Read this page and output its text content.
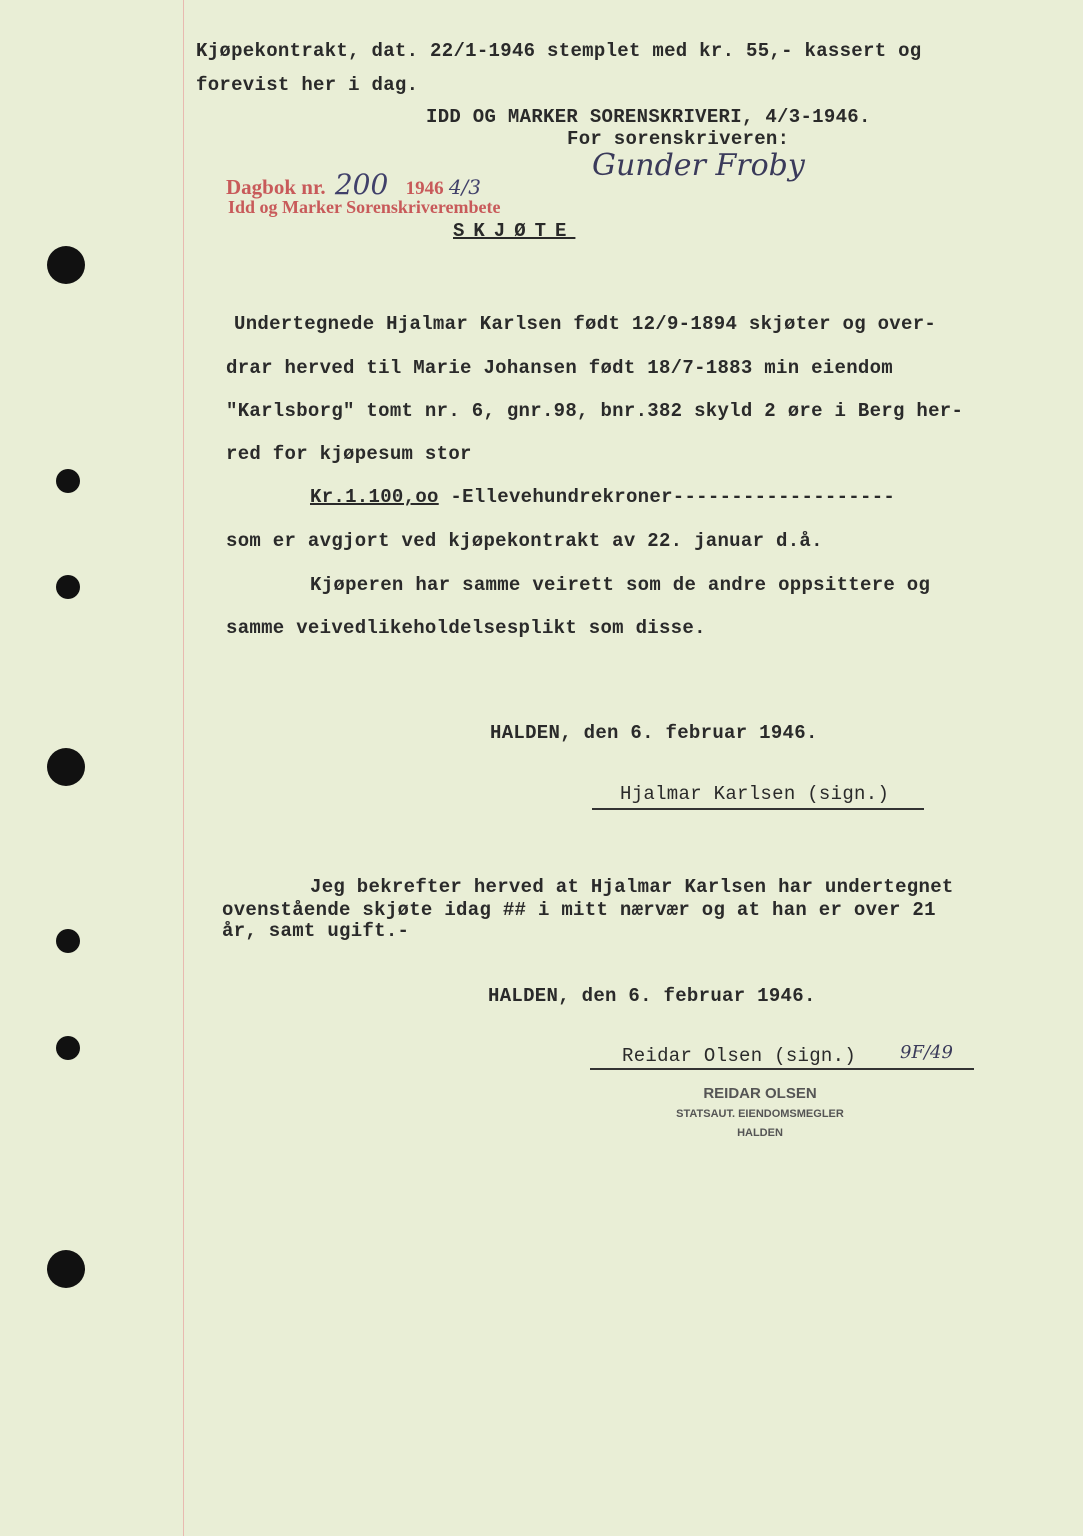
Kjøpekontrakt, dat. 22/1-1946 stemplet med kr. 55,- kassert og
forevist her i dag.
IDD OG MARKER SORENSKRIVERI, 4/3-1946.
For sorenskriveren:
Gunder Froby
Dagbok nr. 200 1946 4/3
Idd og Marker Sorenskriverembete
SKJØTE
Undertegnede Hjalmar Karlsen født 12/9-1894 skjøter og over-
drar herved til Marie Johansen født 18/7-1883 min eiendom
"Karlsborg" tomt nr. 6, gnr.98, bnr.382 skyld 2 øre i Berg her-
red for kjøpesum stor
Kr.1.100,oo -Ellevehundrekroner-------------------
som er avgjort ved kjøpekontrakt av 22. januar d.å.
Kjøperen har samme veirett som de andre oppsittere og
samme veivedlikeholdelsesplikt som disse.
HALDEN, den 6. februar 1946.
Hjalmar Karlsen (sign.)
Jeg bekrefter herved at Hjalmar Karlsen har undertegnet
ovenstående skjøte idag ## i mitt nærvær og at han er over 21
år, samt ugift.-
HALDEN, den 6. februar 1946.
Reidar Olsen (sign.) 9F/49
REIDAR OLSEN
STATSAUT. EIENDOMSMEGLER
HALDEN
